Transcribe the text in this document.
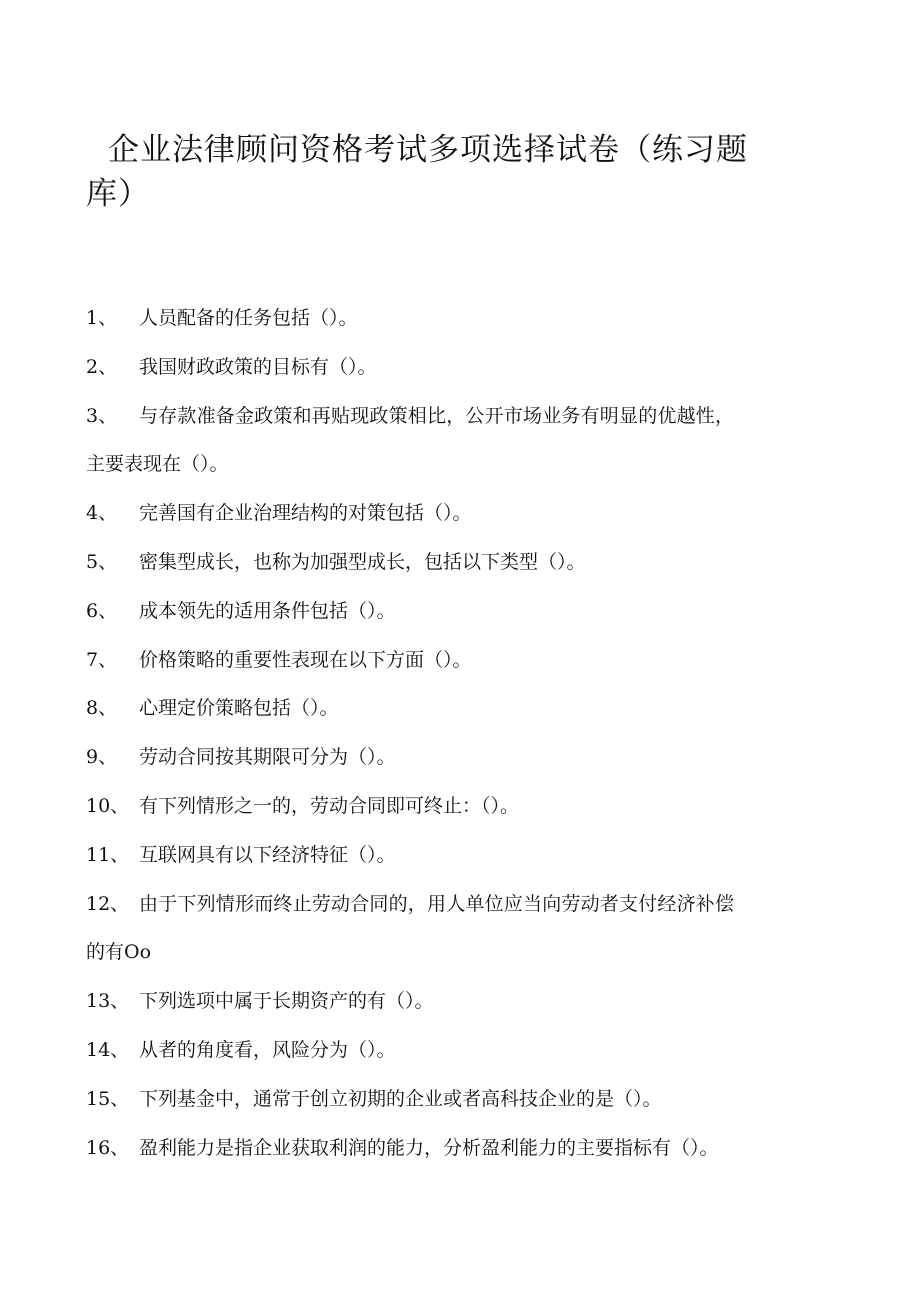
企业法律顾问资格考试多项选择试卷（练习题库）
1、 人员配备的任务包括（）。
2、 我国财政政策的目标有（）。
3、 与存款准备金政策和再贴现政策相比，公开市场业务有明显的优越性，
主要表现在（）。
4、 完善国有企业治理结构的对策包括（）。
5、 密集型成长，也称为加强型成长，包括以下类型（）。
6、 成本领先的适用条件包括（）。
7、 价格策略的重要性表现在以下方面（）。
8、 心理定价策略包括（）。
9、 劳动合同按其期限可分为（）。
10、 有下列情形之一的，劳动合同即可终止：（）。
11、 互联网具有以下经济特征（）。
12、 由于下列情形而终止劳动合同的，用人单位应当向劳动者支付经济补偿
的有Oo
13、 下列选项中属于长期资产的有（）。
14、 从者的角度看，风险分为（）。
15、 下列基金中，通常于创立初期的企业或者高科技企业的是（）。
16、 盈利能力是指企业获取利润的能力，分析盈利能力的主要指标有（）。
